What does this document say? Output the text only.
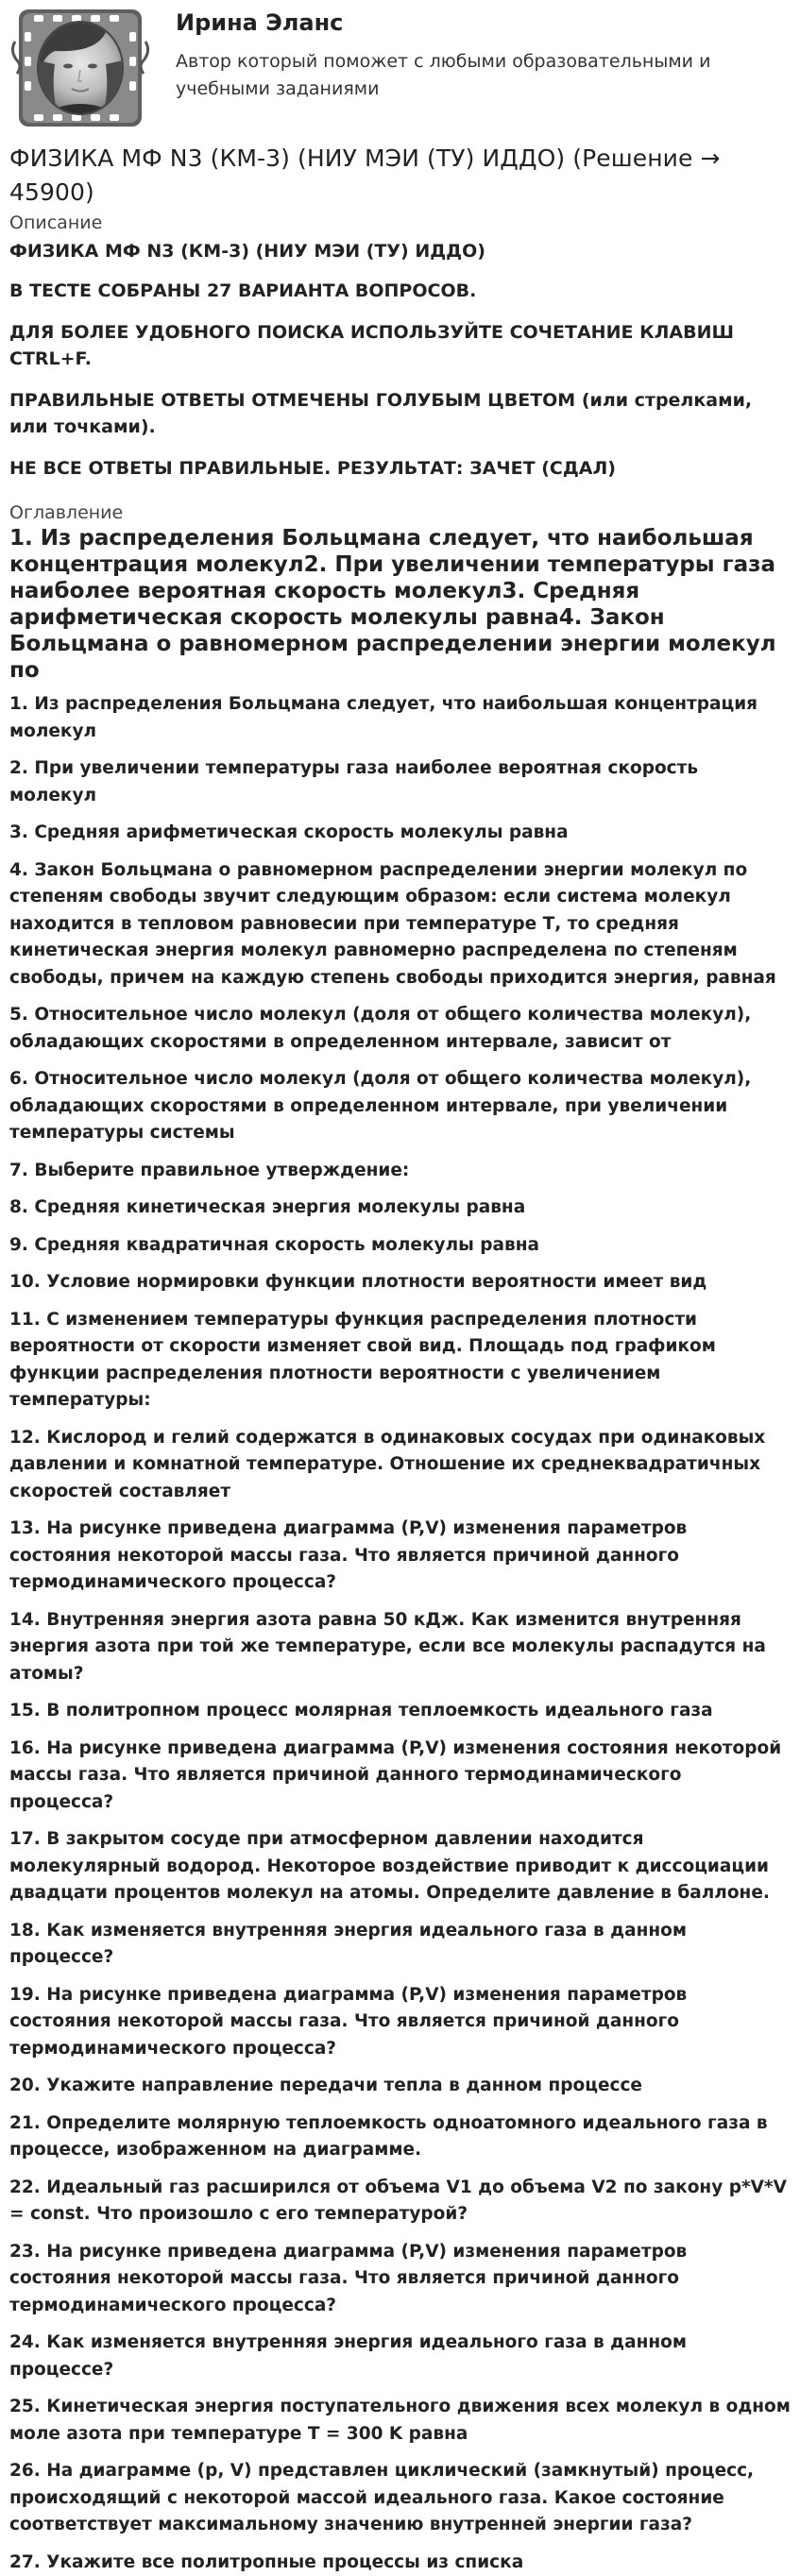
Ирина Эланс

Автор который поможет с любыми образовательными и учебными заданиями

ФИЗИКА МФ N3 (КМ-3) (НИУ МЭИ (ТУ) ИДДО) (Решение → 45900)
Описание

ФИЗИКА МФ N3 (КМ-3) (НИУ МЭИ (ТУ) ИДДО)

В ТЕСТЕ СОБРАНЫ 27 ВАРИАНТА ВОПРОСОВ.

ДЛЯ БОЛЕЕ УДОБНОГО ПОИСКА ИСПОЛЬЗУЙТЕ СОЧЕТАНИЕ КЛАВИШ CTRL+F.

ПРАВИЛЬНЫЕ ОТВЕТЫ ОТМЕЧЕНЫ ГОЛУБЫМ ЦВЕТОМ (или стрелками, или точками).

НЕ ВСЕ ОТВЕТЫ ПРАВИЛЬНЫЕ. РЕЗУЛЬТАТ: ЗАЧЕТ (СДАЛ)

Оглавление
1. Из распределения Больцмана следует, что наибольшая концентрация молекул2. При увеличении температуры газа наиболее вероятная скорость молекул3. Средняя арифметическая скорость молекулы равна4. Закон Больцмана о равномерном распределении энергии молекул по
1. Из распределения Больцмана следует, что наибольшая концентрация молекул
2. При увеличении температуры газа наиболее вероятная скорость молекул
3. Средняя арифметическая скорость молекулы равна
4. Закон Больцмана о равномерном распределении энергии молекул по степеням свободы звучит следующим образом: если система молекул находится в тепловом равновесии при температуре Т, то средняя кинетическая энергия молекул равномерно распределена по степеням свободы, причем на каждую степень свободы приходится энергия, равная
5. Относительное число молекул (доля от общего количества молекул), обладающих скоростями в определенном интервале, зависит от
6. Относительное число молекул (доля от общего количества молекул), обладающих скоростями в определенном интервале, при увеличении температуры системы
7. Выберите правильное утверждение:
8. Средняя кинетическая энергия молекулы равна
9. Средняя квадратичная скорость молекулы равна
10. Условие нормировки функции плотности вероятности имеет вид
11. С изменением температуры функция распределения плотности вероятности от скорости изменяет свой вид. Площадь под графиком функции распределения плотности вероятности с увеличением температуры:
12. Кислород и гелий содержатся в одинаковых сосудах при одинаковых давлении и комнатной температуре. Отношение их среднеквадратичных скоростей составляет
13. На рисунке приведена диаграмма (P,V) изменения параметров состояния некоторой массы газа. Что является причиной данного термодинамического процесса?
14. Внутренняя энергия азота равна 50 кДж. Как изменится внутренняя энергия азота при той же температуре, если все молекулы распадутся на атомы?
15. В политропном процесс молярная теплоемкость идеального газа
16. На рисунке приведена диаграмма (P,V) изменения состояния некоторой массы газа. Что является причиной данного термодинамического процесса?
17. В закрытом сосуде при атмосферном давлении находится молекулярный водород. Некоторое воздействие приводит к диссоциации двадцати процентов молекул на атомы. Определите давление в баллоне.
18. Как изменяется внутренняя энергия идеального газа в данном процессе?
19. На рисунке приведена диаграмма (P,V) изменения параметров состояния некоторой массы газа. Что является причиной данного термодинамического процесса?
20. Укажите направление передачи тепла в данном процессе
21. Определите молярную теплоемкость одноатомного идеального газа в процессе, изображенном на диаграмме.
22. Идеальный газ расширился от объема V1 до объема V2 по закону p*V*V = const. Что произошло с его температурой?
23. На рисунке приведена диаграмма (P,V) изменения параметров состояния некоторой массы газа. Что является причиной данного термодинамического процесса?
24. Как изменяется внутренняя энергия идеального газа в данном процессе?
25. Кинетическая энергия поступательного движения всех молекул в одном моле азота при температуре T = 300 K равна
26. На диаграмме (p, V) представлен циклический (замкнутый) процесс, происходящий с некоторой массой идеального газа. Какое состояние соответствует максимальному значению внутренней энергии газа?
27. Укажите все политропные процессы из списка
